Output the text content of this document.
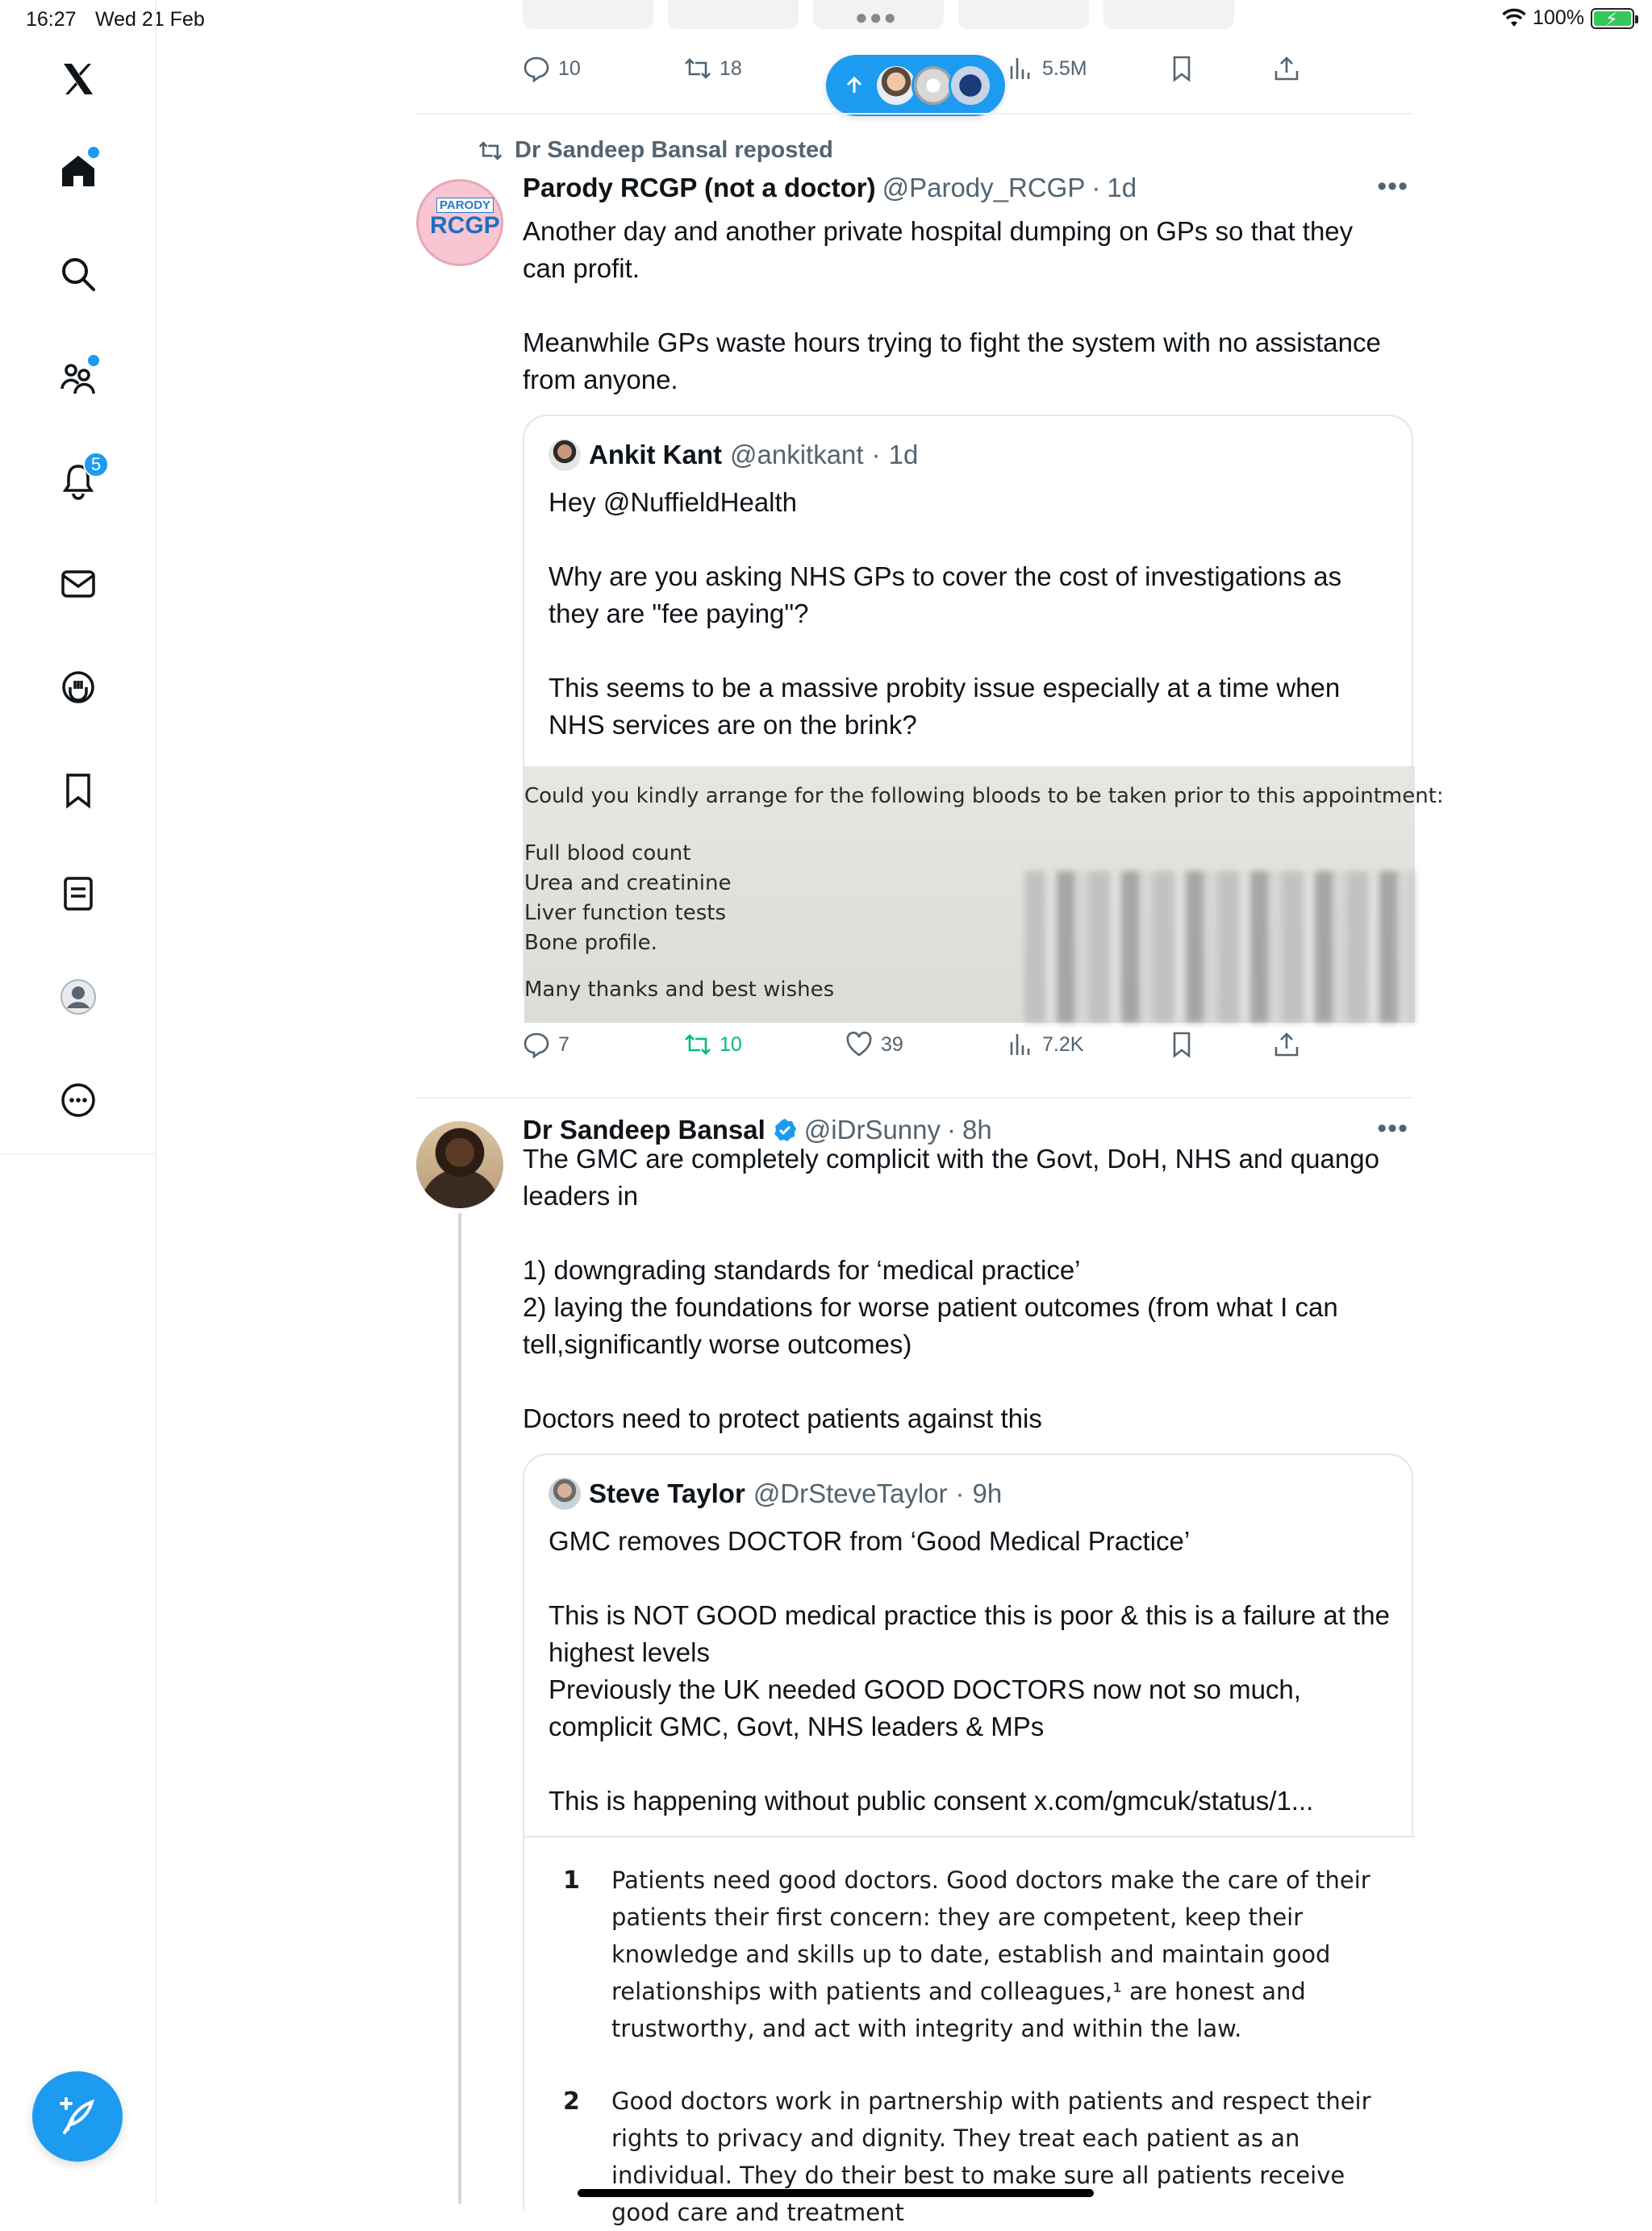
16:27 Wed 21 Feb	100% ⚡
5
●●●
10	18	5.5M
Dr Sandeep Bansal reposted
PARODY
RCGP
Parody RCGP (not a doctor) @Parody_RCGP · 1d	•••

Another day and another private hospital dumping on GPs so that they can profit.

Meanwhile GPs waste hours trying to fight the system with no assistance from anyone.

Ankit Kant @ankitkant · 1d

Hey @NuffieldHealth

Why are you asking NHS GPs to cover the cost of investigations as they are "fee paying"?

This seems to be a massive probity issue especially at a time when NHS services are on the brink?

Could you kindly arrange for the following bloods to be taken prior to this appointment:
Full blood count
Urea and creatinine
Liver function tests
Bone profile.
Many thanks and best wishes
7	10	39	7.2K
Dr Sandeep Bansal @iDrSunny · 8h	•••

The GMC are completely complicit with the Govt, DoH, NHS and quango leaders in

1) downgrading standards for ‘medical practice’

2) laying the foundations for worse patient outcomes (from what I can tell,significantly worse outcomes)

Doctors need to protect patients against this

Steve Taylor @DrSteveTaylor · 9h

GMC removes DOCTOR from ‘Good Medical Practice’

This is NOT GOOD medical practice this is poor & this is a failure at the highest levels

Previously the UK needed GOOD DOCTORS now not so much, complicit GMC, Govt, NHS leaders & MPs

This is happening without public consent x.com/gmcuk/status/1...

1 Patients need good doctors. Good doctors make the care of their patients their first concern: they are competent, keep their knowledge and skills up to date, establish and maintain good relationships with patients and colleagues,¹ are honest and trustworthy, and act with integrity and within the law.
2 Good doctors work in partnership with patients and respect their rights to privacy and dignity. They treat each patient as an individual. They do their best to make sure all patients receive good care and treatment
